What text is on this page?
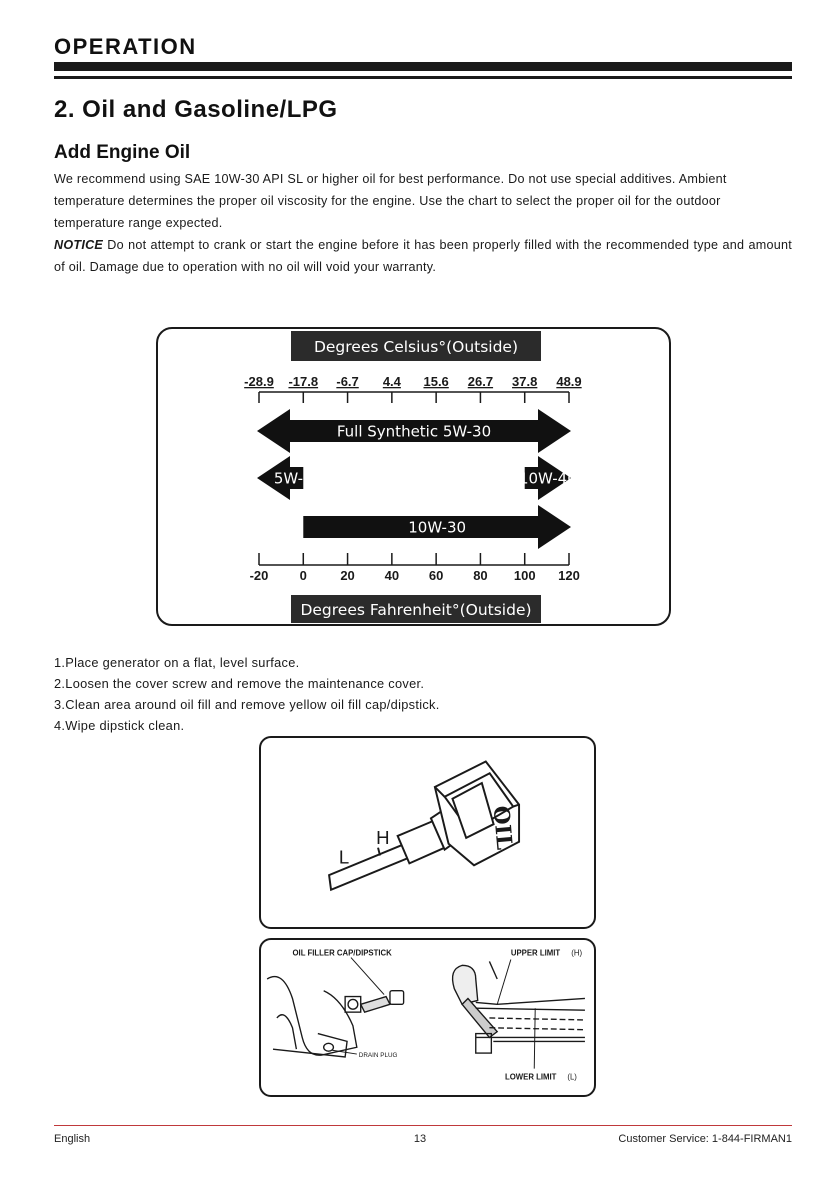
OPERATION
2. Oil and Gasoline/LPG
Add Engine Oil
We recommend using SAE 10W-30 API SL or higher oil for best performance. Do not use special additives. Ambient temperature determines the proper oil viscosity for the engine. Use the chart to select the proper oil for the outdoor temperature range expected.
NOTICE Do not attempt to crank or start the engine before it has been properly filled with the recommended type and amount of oil. Damage due to operation with no oil will void your warranty.
Degrees Celsius°(Outside)
Degrees Fahrenheit°(Outside)
-28.9 -17.8 -6.7 4.4 15.6 26.7 37.8 48.9
-20 0	20 40 60 80 100 120
Full Synthetic 5W-30
5W-30	10W-40
10W-30
1.Place generator on a flat, level surface.
2.Loosen the cover screw and remove the maintenance cover.
3.Clean area around oil fill and remove yellow oil fill cap/dipstick.
4.Wipe dipstick clean.
OIL
L
H
OIL FILLER CAP/DIPSTICK	UPPER LIMIT (H)
DRAIN PLUG
LOWER LIMIT (L)
English	13	Customer Service: 1-844-FIRMAN1
